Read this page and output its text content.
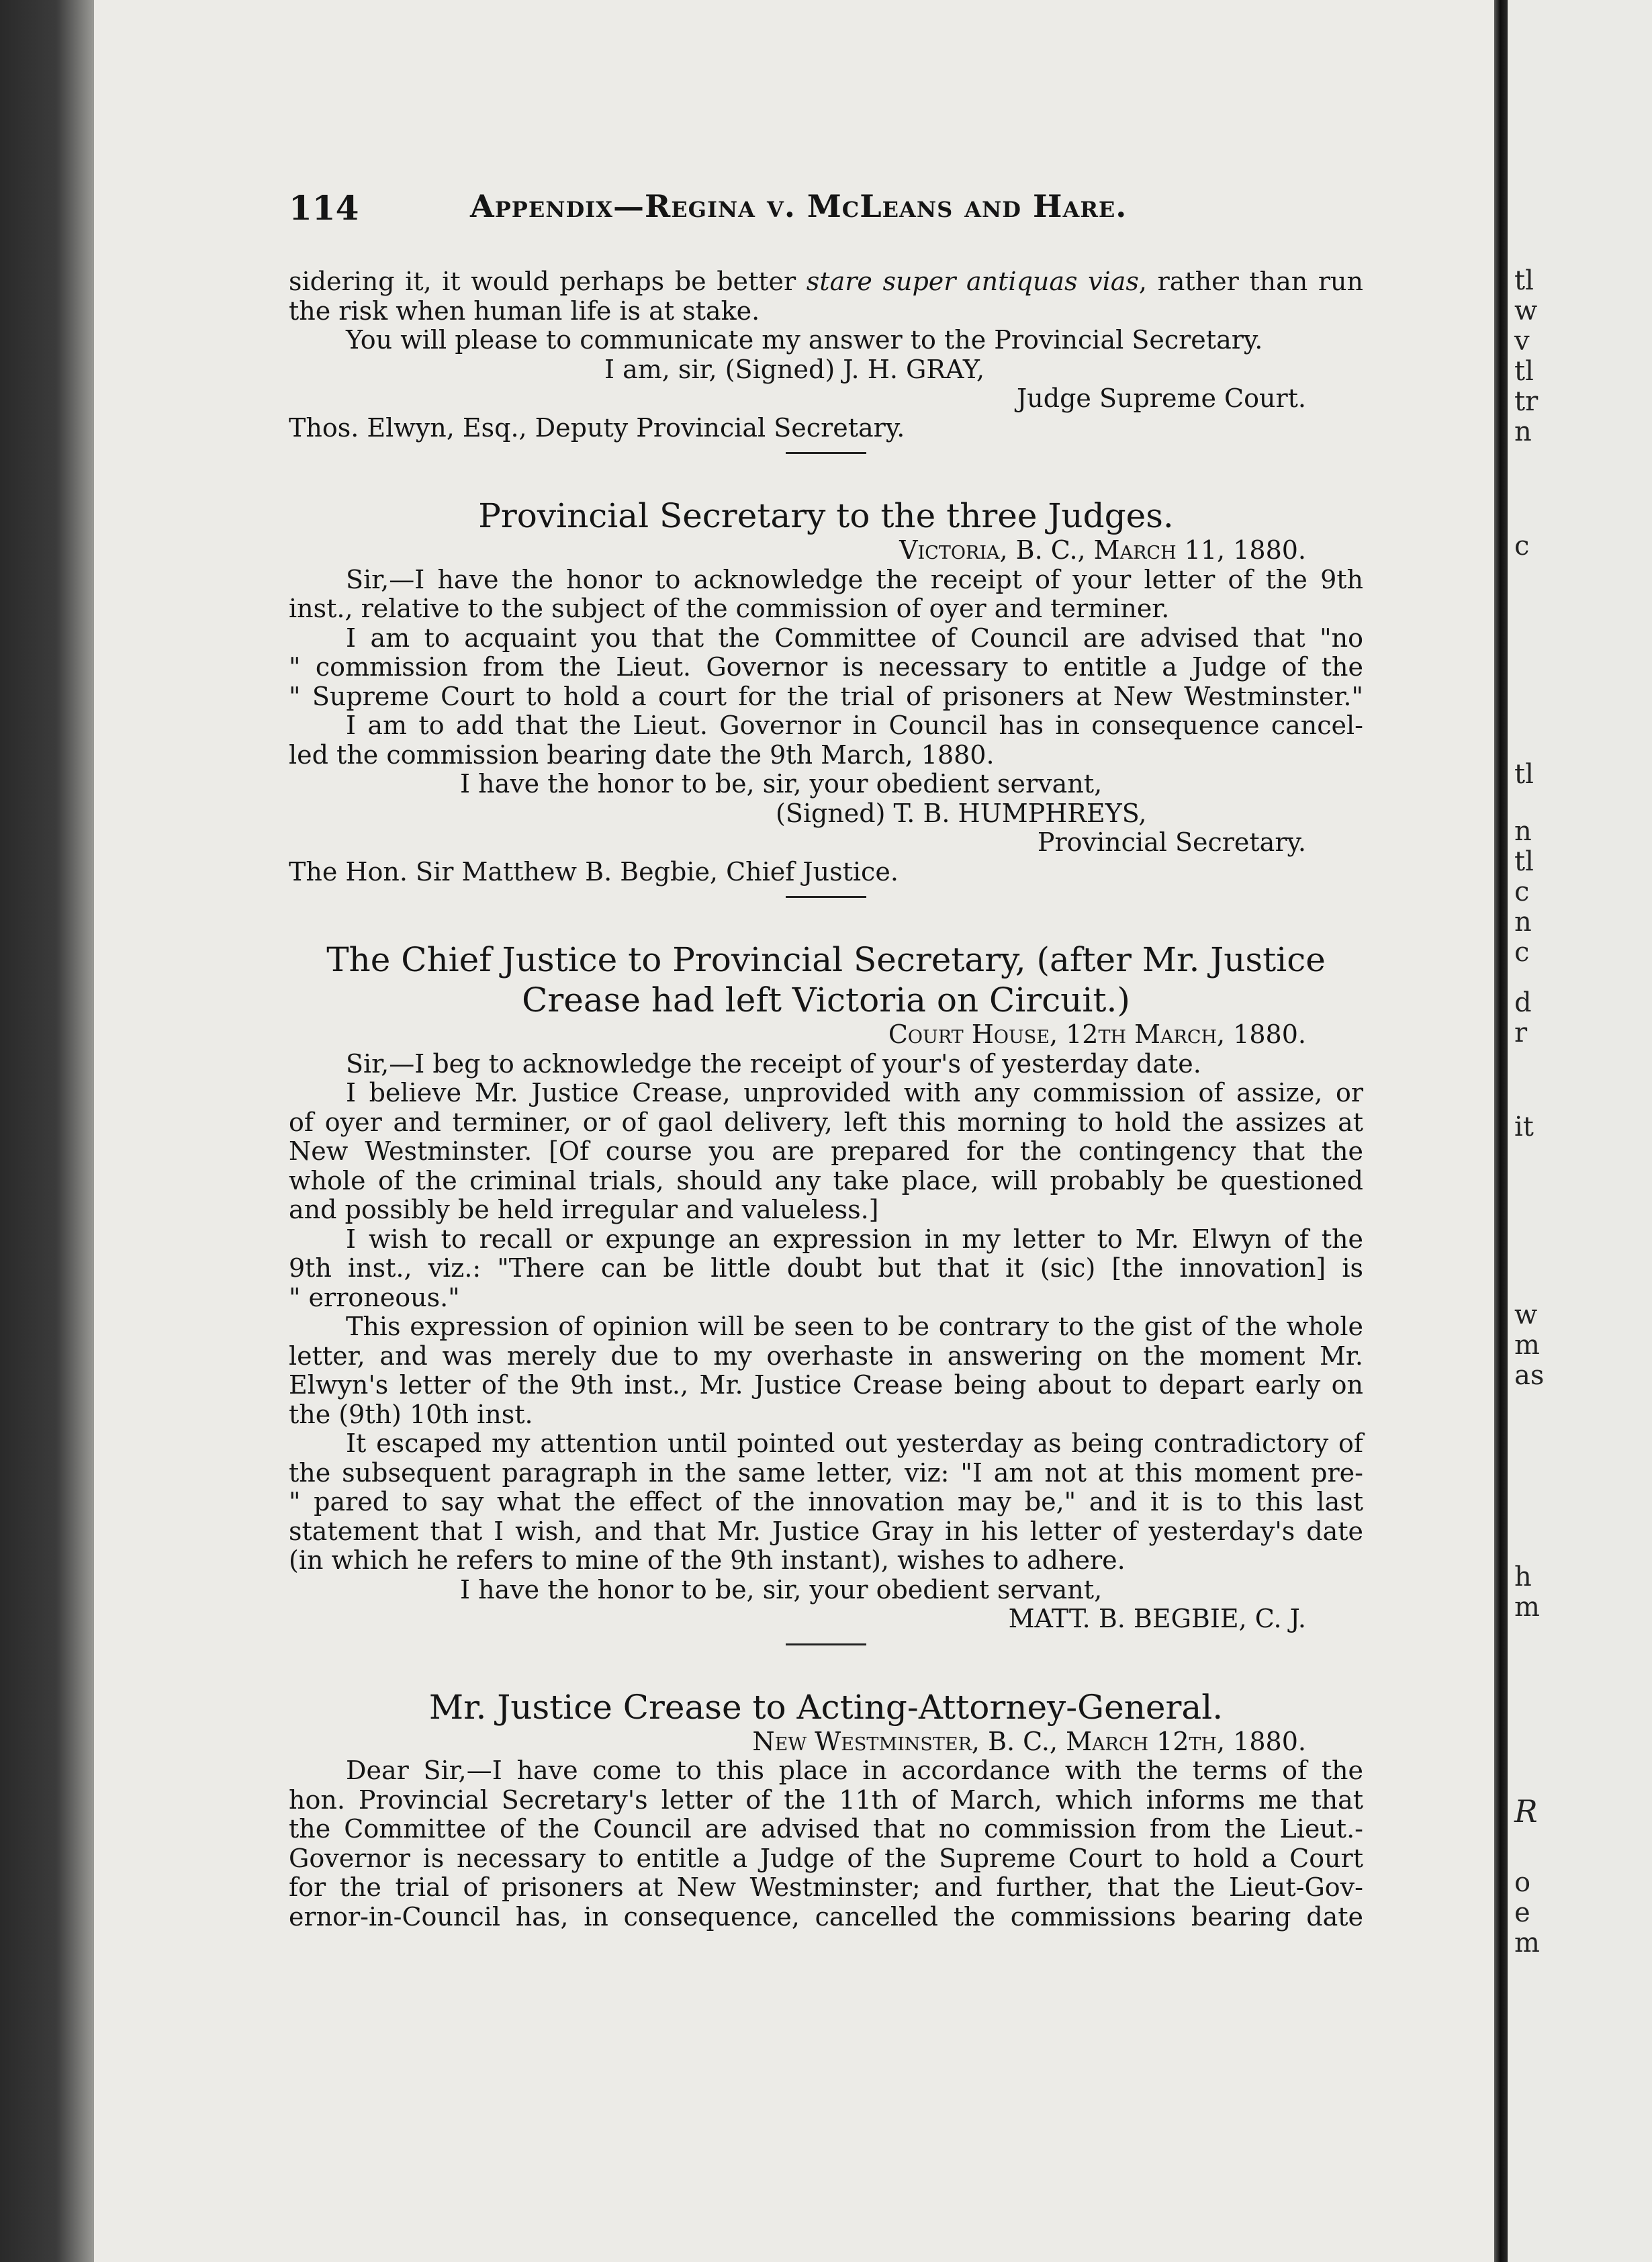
tl
w
v
tl
tr
n
c
tl
n
tl
c
n
c
d
r
it
w
m
as
h
m
R
o
e
m
114	Appendix—Regina v. McLeans and Hare.
sidering it, it would perhaps be better stare super antiquas vias, rather than run
the risk when human life is at stake.
You will please to communicate my answer to the Provincial Secretary.
I am, sir, (Signed) J. H. GRAY,
Judge Supreme Court.
Thos. Elwyn, Esq., Deputy Provincial Secretary.
Provincial Secretary to the three Judges.
Victoria, B. C., March 11, 1880.
Sir,—I have the honor to acknowledge the receipt of your letter of the 9th
inst., relative to the subject of the commission of oyer and terminer.
I am to acquaint you that the Committee of Council are advised that "no
" commission from the Lieut. Governor is necessary to entitle a Judge of the
" Supreme Court to hold a court for the trial of prisoners at New Westminster."
I am to add that the Lieut. Governor in Council has in consequence cancel-
led the commission bearing date the 9th March, 1880.
I have the honor to be, sir, your obedient servant,
(Signed) T. B. HUMPHREYS,
Provincial Secretary.
The Hon. Sir Matthew B. Begbie, Chief Justice.
The Chief Justice to Provincial Secretary, (after Mr. Justice
Crease had left Victoria on Circuit.)
Court House, 12th March, 1880.
Sir,—I beg to acknowledge the receipt of your's of yesterday date.
I believe Mr. Justice Crease, unprovided with any commission of assize, or
of oyer and terminer, or of gaol delivery, left this morning to hold the assizes at
New Westminster. [Of course you are prepared for the contingency that the
whole of the criminal trials, should any take place, will probably be questioned
and possibly be held irregular and valueless.]
I wish to recall or expunge an expression in my letter to Mr. Elwyn of the
9th inst., viz.: "There can be little doubt but that it (sic) [the innovation] is
" erroneous."
This expression of opinion will be seen to be contrary to the gist of the whole
letter, and was merely due to my overhaste in answering on the moment Mr.
Elwyn's letter of the 9th inst., Mr. Justice Crease being about to depart early on
the (9th) 10th inst.
It escaped my attention until pointed out yesterday as being contradictory of
the subsequent paragraph in the same letter, viz: "I am not at this moment pre-
" pared to say what the effect of the innovation may be," and it is to this last
statement that I wish, and that Mr. Justice Gray in his letter of yesterday's date
(in which he refers to mine of the 9th instant), wishes to adhere.
I have the honor to be, sir, your obedient servant,
MATT. B. BEGBIE, C. J.
Mr. Justice Crease to Acting-Attorney-General.
New Westminster, B. C., March 12th, 1880.
Dear Sir,—I have come to this place in accordance with the terms of the
hon. Provincial Secretary's letter of the 11th of March, which informs me that
the Committee of the Council are advised that no commission from the Lieut.-
Governor is necessary to entitle a Judge of the Supreme Court to hold a Court
for the trial of prisoners at New Westminster; and further, that the Lieut-Gov-
ernor-in-Council has, in consequence, cancelled the commissions bearing date
